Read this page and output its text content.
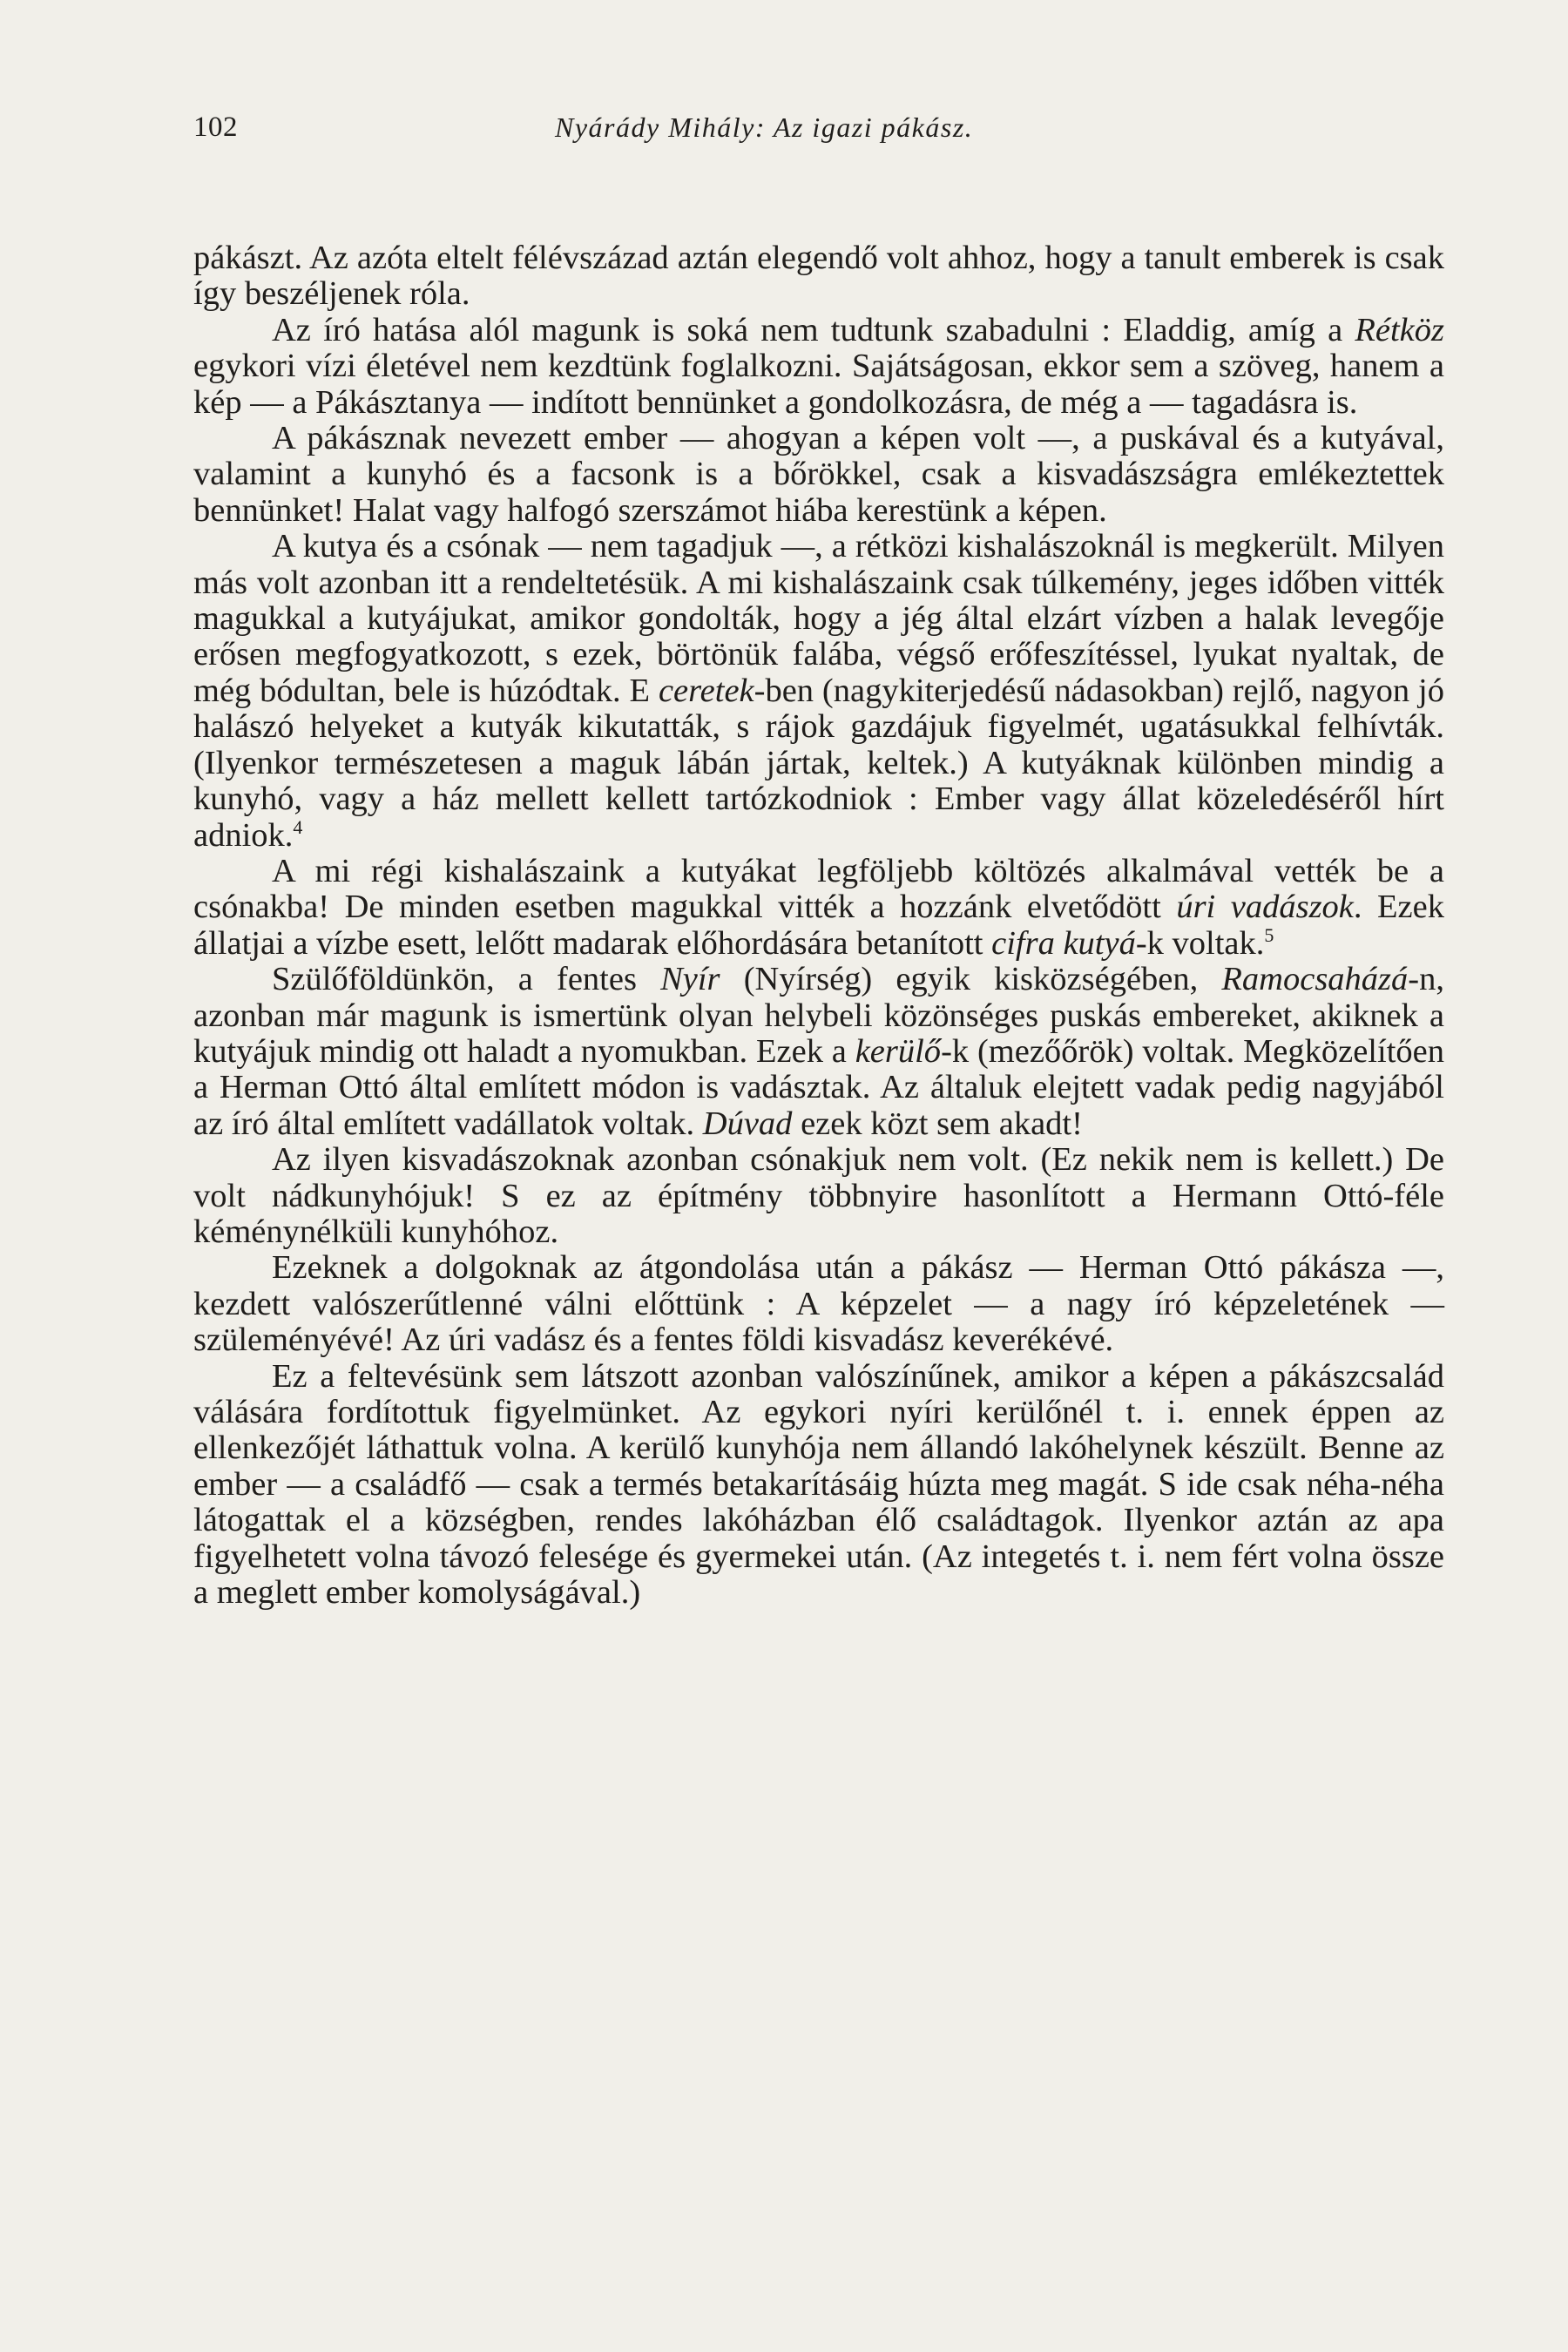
102	Nyárády Mihály: Az igazi pákász.

pákászt. Az azóta eltelt félévszázad aztán elegendő volt ahhoz, hogy a tanult emberek is csak így beszéljenek róla.

Az író hatása alól magunk is soká nem tudtunk szabadulni : Eladdig, amíg a Rétköz egykori vízi életével nem kezdtünk foglalkozni. Sajátságosan, ekkor sem a szöveg, hanem a kép — a Pákásztanya — indított bennünket a gondolkozásra, de még a — tagadásra is.

A pákásznak nevezett ember — ahogyan a képen volt —, a puskával és a kutyával, valamint a kunyhó és a facsonk is a bőrökkel, csak a kisvadászságra emlékeztettek bennünket! Halat vagy halfogó szerszámot hiába kerestünk a képen.

A kutya és a csónak — nem tagadjuk —, a rétközi kishalászoknál is megkerült. Milyen más volt azonban itt a rendeltetésük. A mi kishalászaink csak túlkemény, jeges időben vitték magukkal a kutyájukat, amikor gondolták, hogy a jég által elzárt vízben a halak levegője erősen megfogyatkozott, s ezek, börtönük falába, végső erőfeszítéssel, lyukat nyaltak, de még bódultan, bele is húzódtak. E ceretek-ben (nagykiterjedésű nádasokban) rejlő, nagyon jó halászó helyeket a kutyák kikutatták, s rájok gazdájuk figyelmét, ugatásukkal felhívták. (Ilyenkor természetesen a maguk lábán jártak, keltek.) A kutyáknak különben mindig a kunyhó, vagy a ház mellett kellett tartózkodniok : Ember vagy állat közeledéséről hírt adniok.$^4$

A mi régi kishalászaink a kutyákat legföljebb költözés alkalmával vették be a csónakba! De minden esetben magukkal vitték a hozzánk elvetődött úri vadászok. Ezek állatjai a vízbe esett, lelőtt madarak előhordására betanított cifra kutyá-k voltak.$^5$

Szülőföldünkön, a fentes Nyír (Nyírség) egyik kisközségében, Ramocsaházá-n, azonban már magunk is ismertünk olyan helybeli közönséges puskás embereket, akiknek a kutyájuk mindig ott haladt a nyomukban. Ezek a kerülő-k (mezőőrök) voltak. Megközelítően a Herman Ottó által említett módon is vadásztak. Az általuk elejtett vadak pedig nagyjából az író által említett vadállatok voltak. Dúvad ezek közt sem akadt!

Az ilyen kisvadászoknak azonban csónakjuk nem volt. (Ez nekik nem is kellett.) De volt nádkunyhójuk! S ez az építmény többnyire hasonlított a Hermann Ottó-féle kéménynélküli kunyhóhoz.

Ezeknek a dolgoknak az átgondolása után a pákász — Herman Ottó pákásza —, kezdett valószerűtlenné válni előttünk : A képzelet — a nagy író képzeletének — szüleményévé! Az úri vadász és a fentes földi kisvadász keverékévé.

Ez a feltevésünk sem látszott azonban valószínűnek, amikor a képen a pákászcsalád válására fordítottuk figyelmünket. Az egykori nyíri kerülőnél t. i. ennek éppen az ellenkezőjét láthattuk volna. A kerülő kunyhója nem állandó lakóhelynek készült. Benne az ember — a családfő — csak a termés betakarításáig húzta meg magát. S ide csak néha-néha látogattak el a községben, rendes lakóházban élő családtagok. Ilyenkor aztán az apa figyelhetett volna távozó felesége és gyermekei után. (Az integetés t. i. nem fért volna össze a meglett ember komolyságával.)
